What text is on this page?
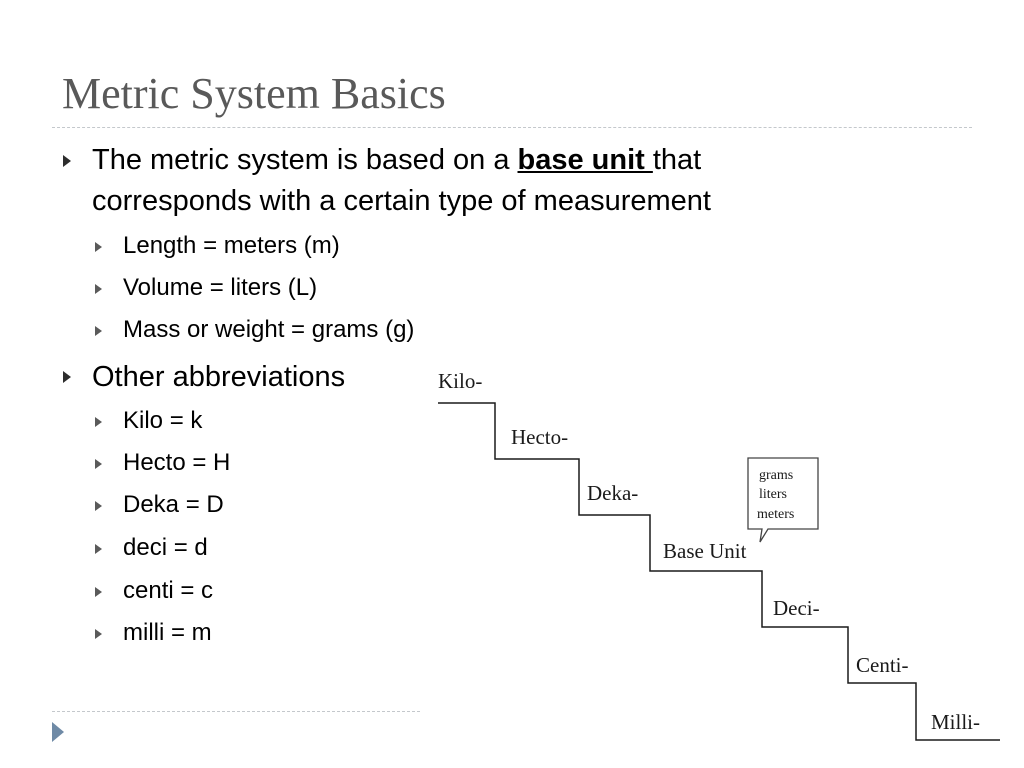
Metric System Basics
The metric system is based on a base unit that
corresponds with a certain type of measurement
Length = meters (m)
Volume = liters (L)
Mass or weight = grams (g)
Other abbreviations
Kilo = k
Hecto = H
Deka = D
deci = d
centi = c
milli = m
Kilo-
Hecto-
Deka-
Base Unit
Deci-
Centi-
Milli-
grams
liters
meters
